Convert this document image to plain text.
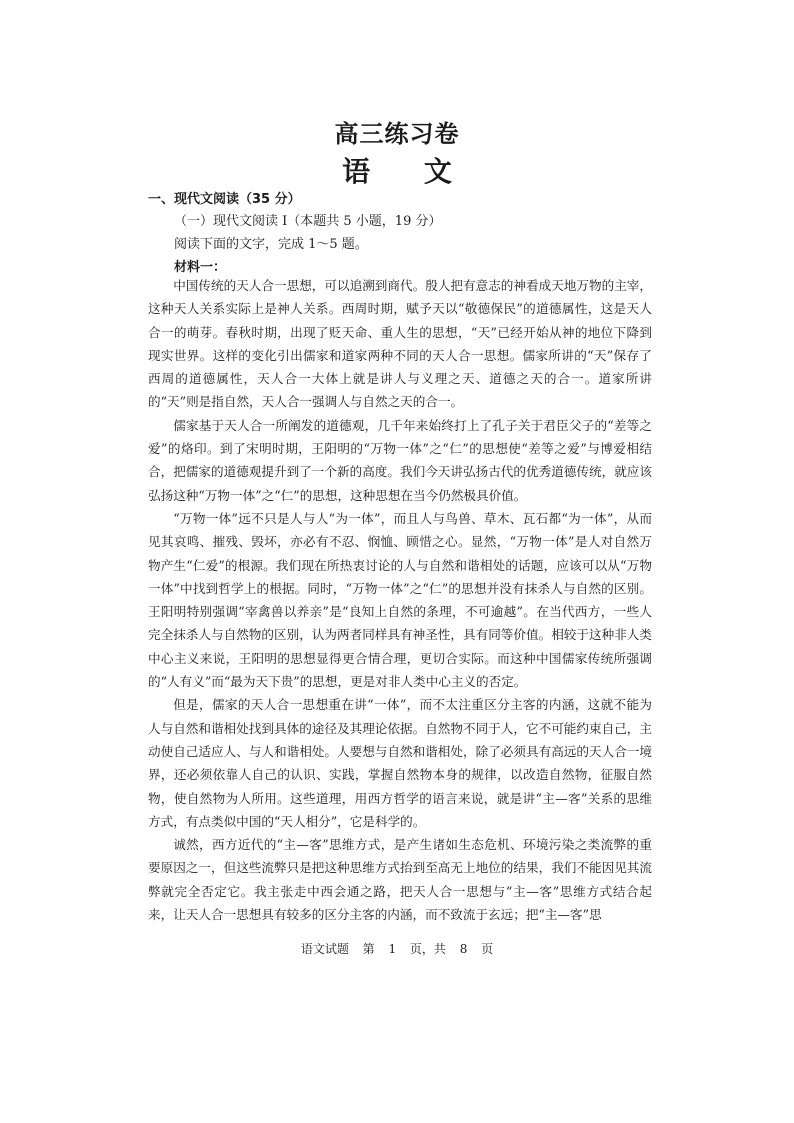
高三练习卷
语 文
一、现代文阅读（35 分）
（一）现代文阅读 I（本题共 5 小题，19 分）
阅读下面的文字，完成 1～5 题。
材料一：

中国传统的天人合一思想，可以追溯到商代。殷人把有意志的神看成天地万物的主宰，这种天人关系实际上是神人关系。西周时期，赋予天以“敬德保民”的道德属性，这是天人合一的萌芽。春秋时期，出现了贬天命、重人生的思想，“天”已经开始从神的地位下降到现实世界。这样的变化引出儒家和道家两种不同的天人合一思想。儒家所讲的“天”保存了西周的道德属性，天人合一大体上就是讲人与义理之天、道德之天的合一。道家所讲的“天”则是指自然，天人合一强调人与自然之天的合一。

儒家基于天人合一所阐发的道德观，几千年来始终打上了孔子关于君臣父子的“差等之爱”的烙印。到了宋明时期，王阳明的“万物一体”之“仁”的思想使“差等之爱”与博爱相结合，把儒家的道德观提升到了一个新的高度。我们今天讲弘扬古代的优秀道德传统，就应该弘扬这种“万物一体”之“仁”的思想，这种思想在当今仍然极具价值。

“万物一体”远不只是人与人“为一体”，而且人与鸟兽、草木、瓦石都“为一体”，从而见其哀鸣、摧残、毁坏，亦必有不忍、悯恤、顾惜之心。显然，“万物一体”是人对自然万物产生“仁爱”的根源。我们现在所热衷讨论的人与自然和谐相处的话题，应该可以从“万物一体”中找到哲学上的根据。同时，“万物一体”之“仁”的思想并没有抹杀人与自然的区别。王阳明特别强调“宰禽兽以养亲”是“良知上自然的条理，不可逾越”。在当代西方，一些人完全抹杀人与自然物的区别，认为两者同样具有神圣性，具有同等价值。相较于这种非人类中心主义来说，王阳明的思想显得更合情合理，更切合实际。而这种中国儒家传统所强调的“人有义”而“最为天下贵”的思想，更是对非人类中心主义的否定。

但是，儒家的天人合一思想重在讲“一体”，而不太注重区分主客的内涵，这就不能为人与自然和谐相处找到具体的途径及其理论依据。自然物不同于人，它不可能约束自己，主动使自己适应人、与人和谐相处。人要想与自然和谐相处，除了必须具有高远的天人合一境界，还必须依靠人自己的认识、实践，掌握自然物本身的规律，以改造自然物，征服自然物，使自然物为人所用。这些道理，用西方哲学的语言来说，就是讲“主—客”关系的思维方式，有点类似中国的“天人相分”，它是科学的。

诚然，西方近代的“主—客”思维方式，是产生诸如生态危机、环境污染之类流弊的重要原因之一，但这些流弊只是把这种思维方式抬到至高无上地位的结果，我们不能因见其流弊就完全否定它。我主张走中西会通之路，把天人合一思想与“主—客”思维方式结合起来，让天人合一思想具有较多的区分主客的内涵，而不致流于玄远；把“主—客”思

语文试题 第 1 页，共 8 页
